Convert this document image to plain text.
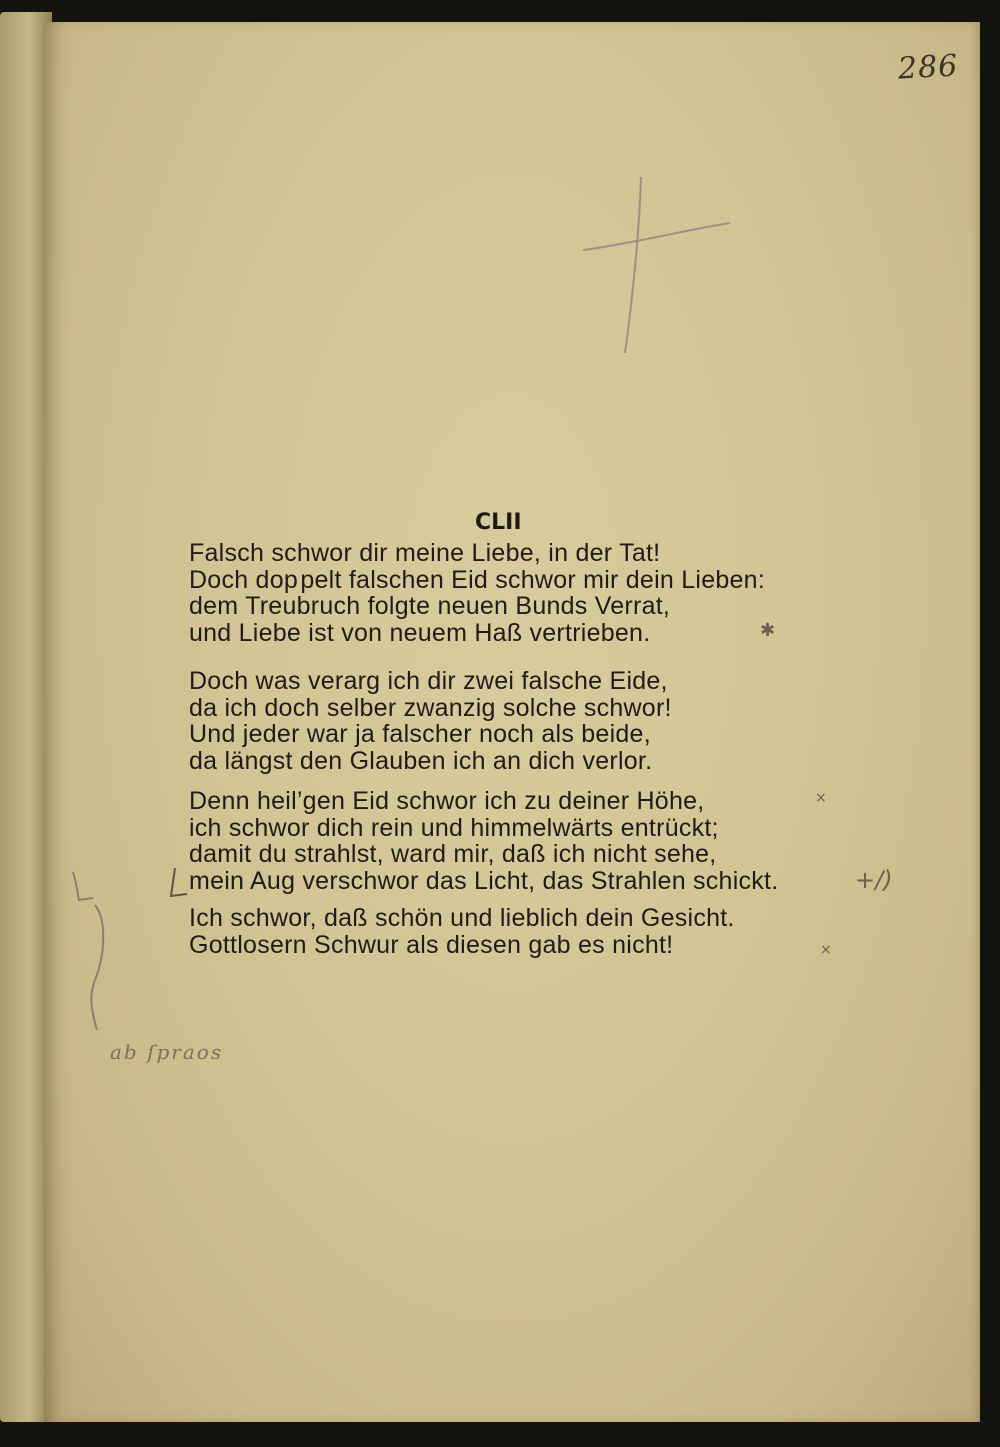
286
CLII
Falsch schwor dir meine Liebe, in der Tat!
Doch dop pelt falschen Eid schwor mir dein Lieben:
dem Treubruch folgte neuen Bunds Verrat,
und Liebe ist von neuem Haß vertrieben.
Doch was verarg ich dir zwei falsche Eide,
da ich doch selber zwanzig solche schwor!
Und jeder war ja falscher noch als beide,
da längst den Glauben ich an dich verlor.
Denn heil’gen Eid schwor ich zu deiner Höhe,
ich schwor dich rein und himmelwärts entrückt;
damit du strahlst, ward mir, daß ich nicht sehe,
mein Aug verschwor das Licht, das Strahlen schickt.
Ich schwor, daß schön und lieblich dein Gesicht.
Gottlosern Schwur als diesen gab es nicht!
✱
×
+/)
×
ab ſpraos
